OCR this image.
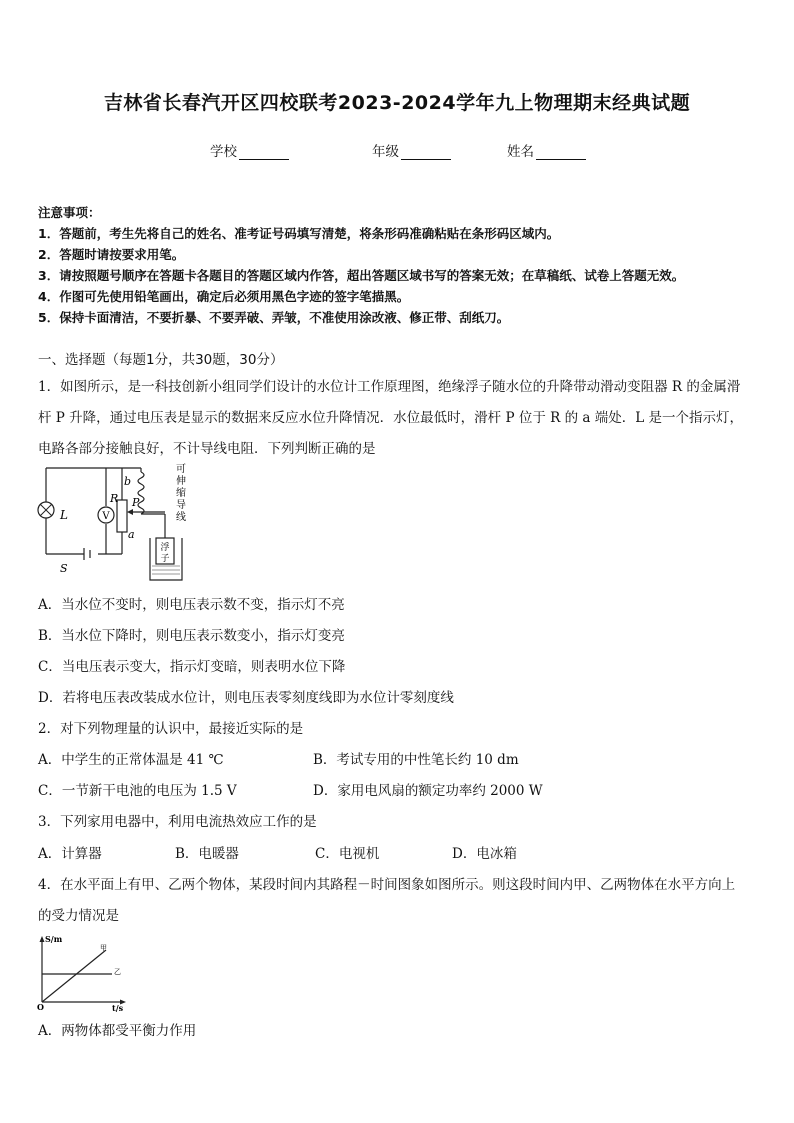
吉林省长春汽开区四校联考2023-2024学年九上物理期末经典试题
学校	年级	姓名
注意事项：
1．答题前，考生先将自己的姓名、准考证号码填写清楚，将条形码准确粘贴在条形码区域内。
2．答题时请按要求用笔。
3．请按照题号顺序在答题卡各题目的答题区域内作答，超出答题区域书写的答案无效；在草稿纸、试卷上答题无效。
4．作图可先使用铅笔画出，确定后必须用黑色字迹的签字笔描黑。
5．保持卡面清洁，不要折暴、不要弄破、弄皱，不准使用涂改液、修正带、刮纸刀。
一、选择题（每题1分，共30题，30分）
1．如图所示，是一科技创新小组同学们设计的水位计工作原理图，绝缘浮子随水位的升降带动滑动变阻器 R 的金属滑
杆 P 升降，通过电压表是显示的数据来反应水位升降情况．水位最低时，滑杆 P 位于 R 的 a 端处．L 是一个指示灯，
电路各部分接触良好，不计导线电阻．下列判断正确的是
L	V
R
b
P
a
S
可
伸
缩
导
线
浮
子
A．当水位不变时，则电压表示数不变，指示灯不亮
B．当水位下降时，则电压表示数变小，指示灯变亮
C．当电压表示变大，指示灯变暗，则表明水位下降
D．若将电压表改装成水位计，则电压表零刻度线即为水位计零刻度线
2．对下列物理量的认识中，最接近实际的是
A．中学生的正常体温是 41 ℃	B．考试专用的中性笔长约 10 dm
C．一节新干电池的电压为 1.5 V	D．家用电风扇的额定功率约 2000 W
3．下列家用电器中，利用电流热效应工作的是
A．计算器	B．电暖器	C．电视机	D．电冰箱
4．在水平面上有甲、乙两个物体，某段时间内其路程－时间图象如图所示。则这段时间内甲、乙两物体在水平方向上
的受力情况是
S/m
t/s
O
甲
乙
A．两物体都受平衡力作用
